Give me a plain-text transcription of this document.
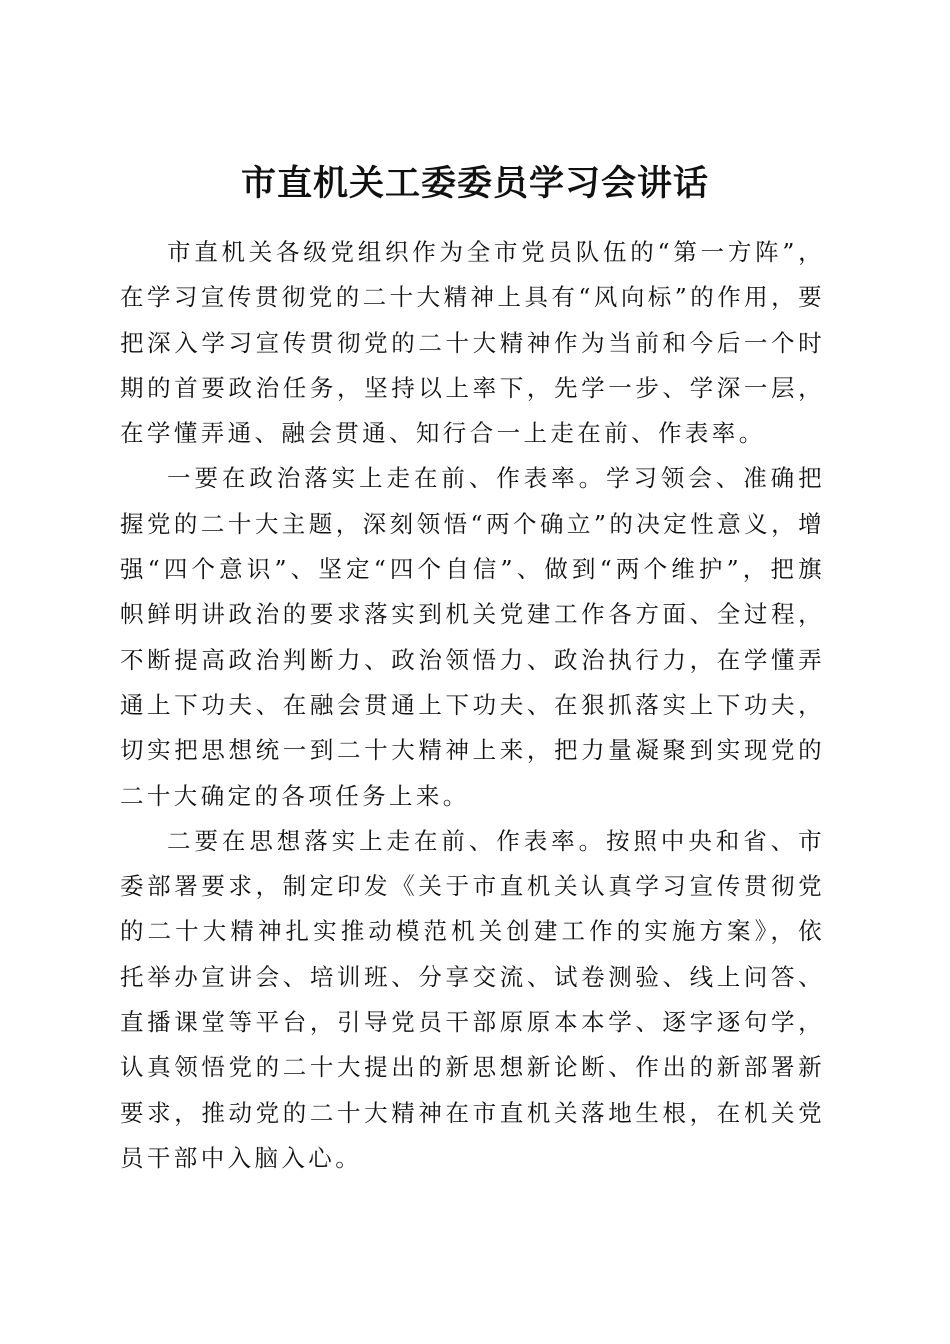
市直机关工委委员学习会讲话

市直机关各级党组织作为全市党员队伍的“第一方阵”，在学习宣传贯彻党的二十大精神上具有“风向标”的作用，要把深入学习宣传贯彻党的二十大精神作为当前和今后一个时期的首要政治任务，坚持以上率下，先学一步、学深一层，在学懂弄通、融会贯通、知行合一上走在前、作表率。

一要在政治落实上走在前、作表率。学习领会、准确把握党的二十大主题，深刻领悟“两个确立”的决定性意义，增强“四个意识”、坚定“四个自信”、做到“两个维护”，把旗帜鲜明讲政治的要求落实到机关党建工作各方面、全过程，不断提高政治判断力、政治领悟力、政治执行力，在学懂弄通上下功夫、在融会贯通上下功夫、在狠抓落实上下功夫，切实把思想统一到二十大精神上来，把力量凝聚到实现党的二十大确定的各项任务上来。

二要在思想落实上走在前、作表率。按照中央和省、市委部署要求，制定印发《关于市直机关认真学习宣传贯彻党的二十大精神扎实推动模范机关创建工作的实施方案》，依托举办宣讲会、培训班、分享交流、试卷测验、线上问答、直播课堂等平台，引导党员干部原原本本学、逐字逐句学，认真领悟党的二十大提出的新思想新论断、作出的新部署新要求，推动党的二十大精神在市直机关落地生根，在机关党员干部中入脑入心。
